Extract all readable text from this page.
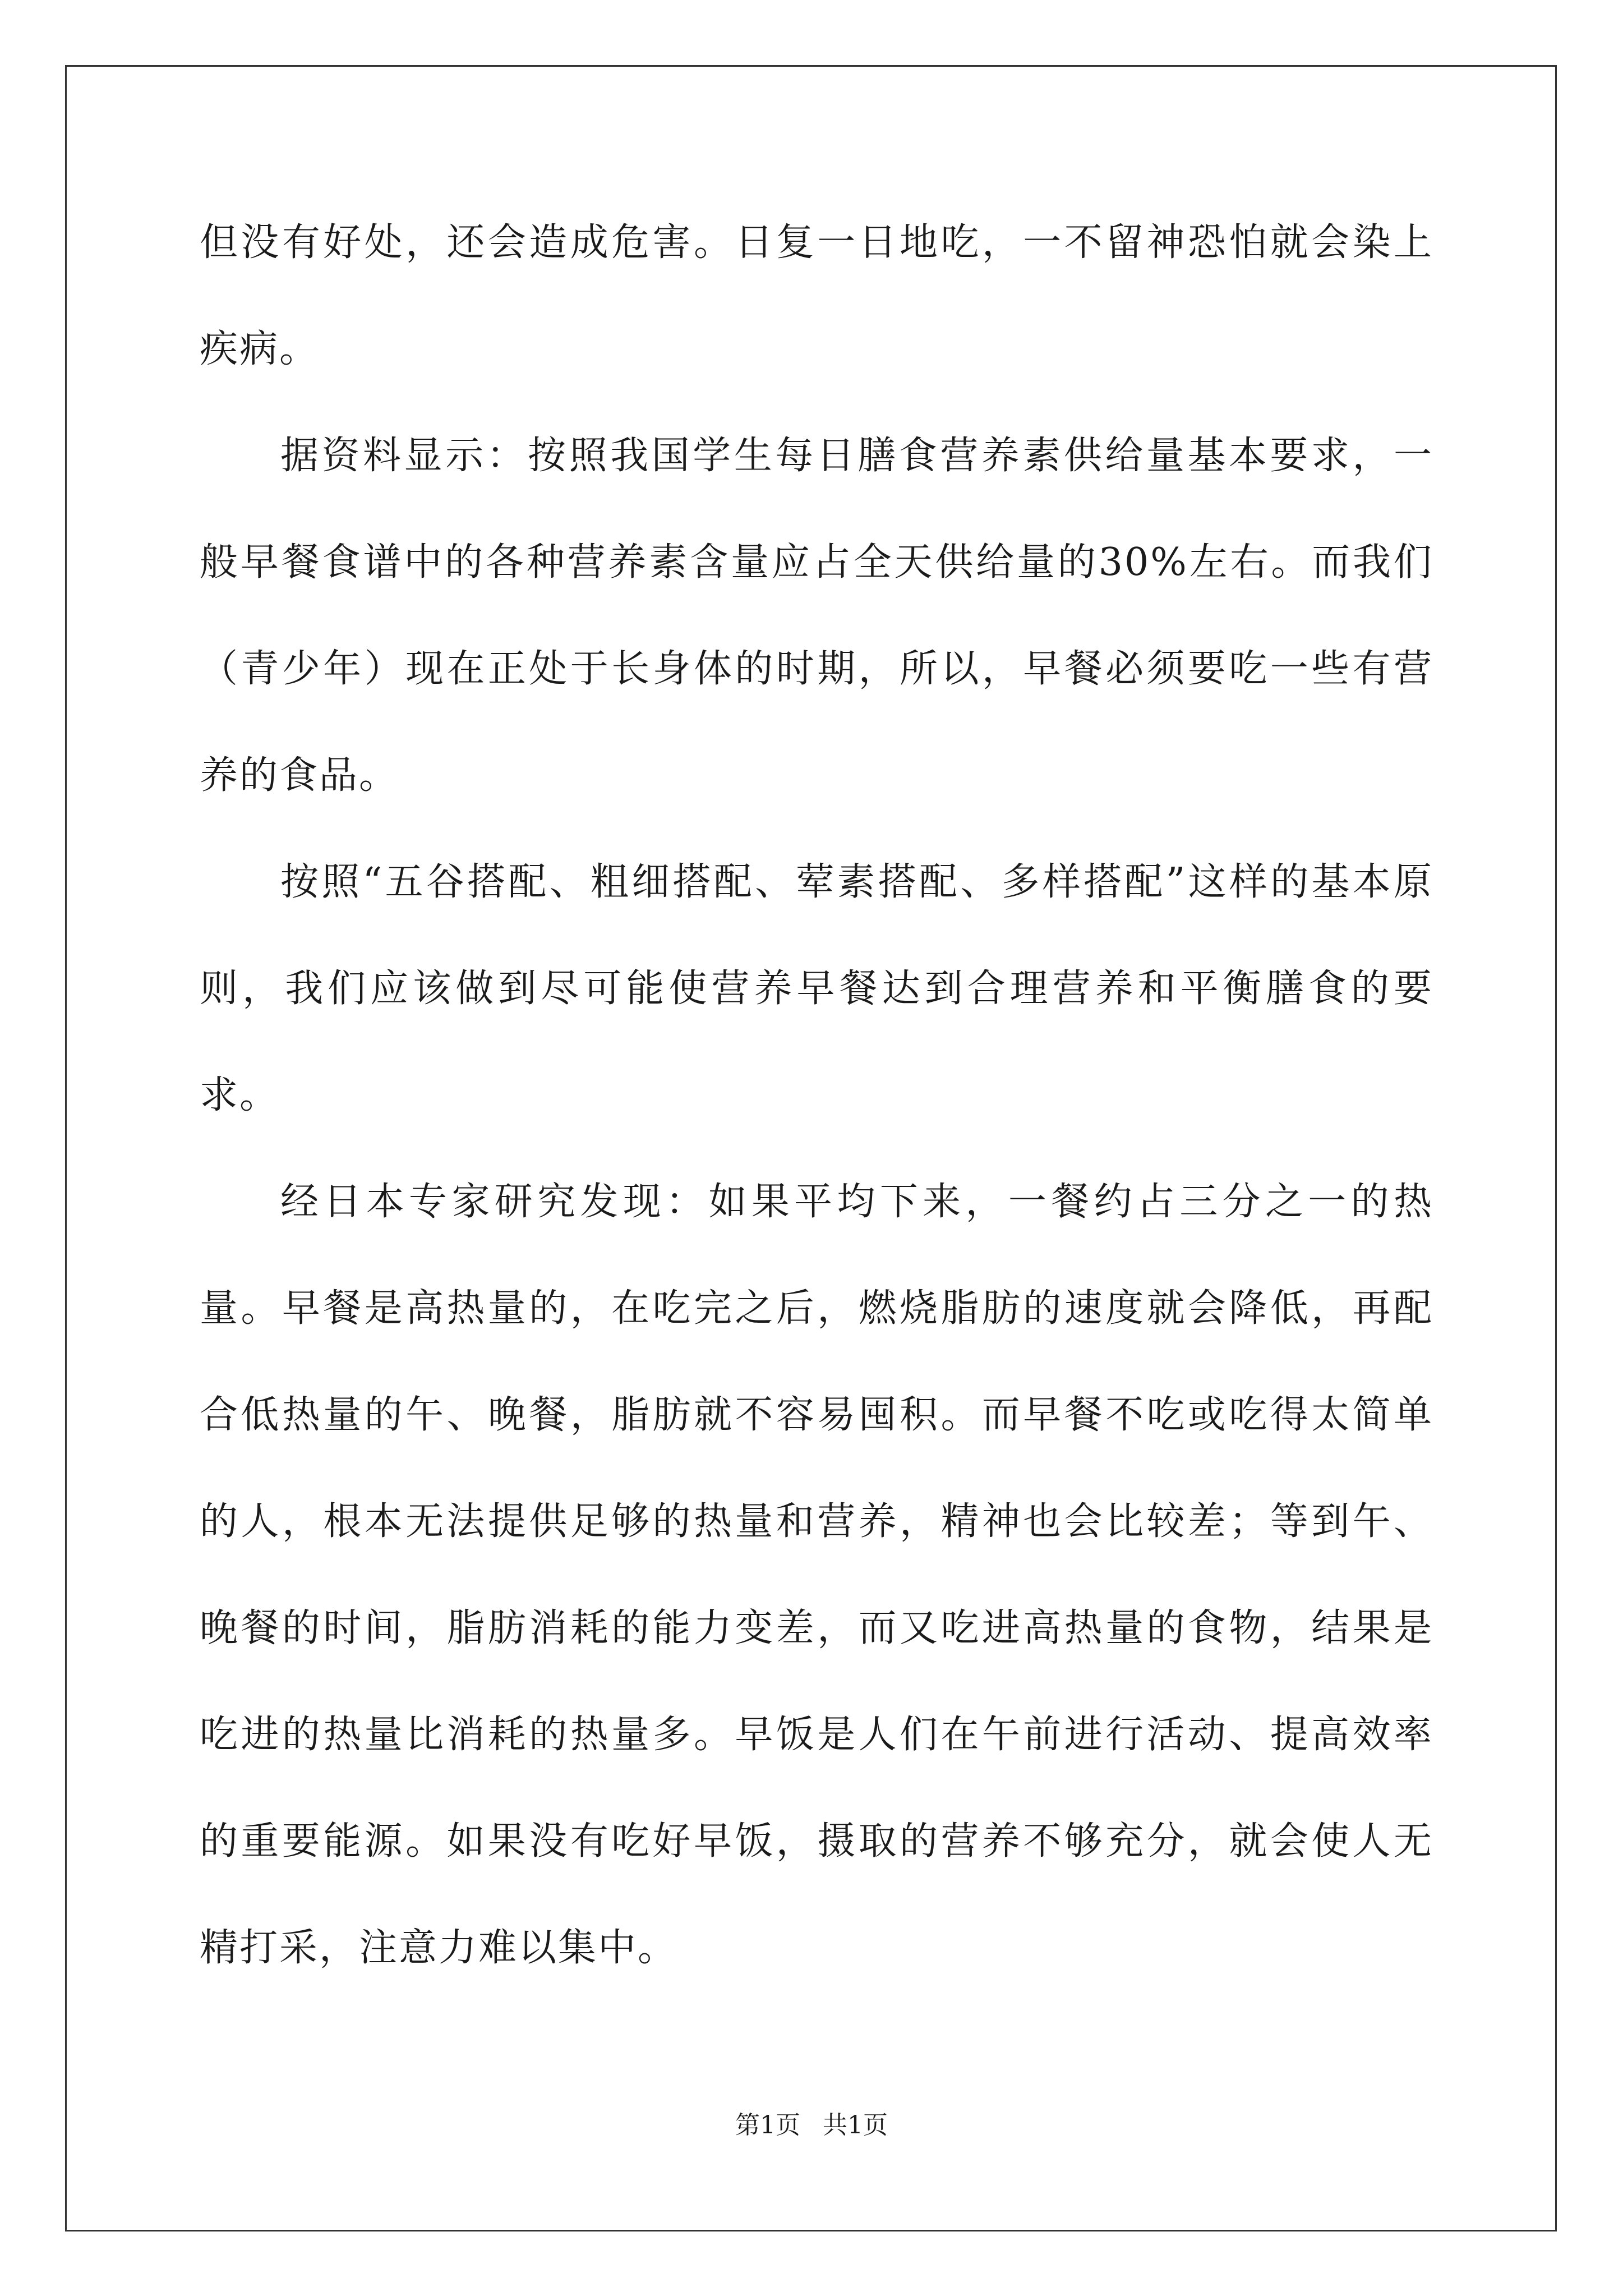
但没有好处，还会造成危害。日复一日地吃，一不留神恐怕就会染上疾病。

据资料显示：按照我国学生每日膳食营养素供给量基本要求，一般早餐食谱中的各种营养素含量应占全天供给量的30%左右。而我们（青少年）现在正处于长身体的时期，所以，早餐必须要吃一些有营养的食品。

按照“五谷搭配、粗细搭配、荤素搭配、多样搭配”这样的基本原则，我们应该做到尽可能使营养早餐达到合理营养和平衡膳食的要求。

经日本专家研究发现：如果平均下来，一餐约占三分之一的热量。早餐是高热量的，在吃完之后，燃烧脂肪的速度就会降低，再配合低热量的午、晚餐，脂肪就不容易囤积。而早餐不吃或吃得太简单的人，根本无法提供足够的热量和营养，精神也会比较差；等到午、晚餐的时间，脂肪消耗的能力变差，而又吃进高热量的食物，结果是吃进的热量比消耗的热量多。早饭是人们在午前进行活动、提高效率的重要能源。如果没有吃好早饭，摄取的营养不够充分，就会使人无精打采，注意力难以集中。

第1页 共1页
